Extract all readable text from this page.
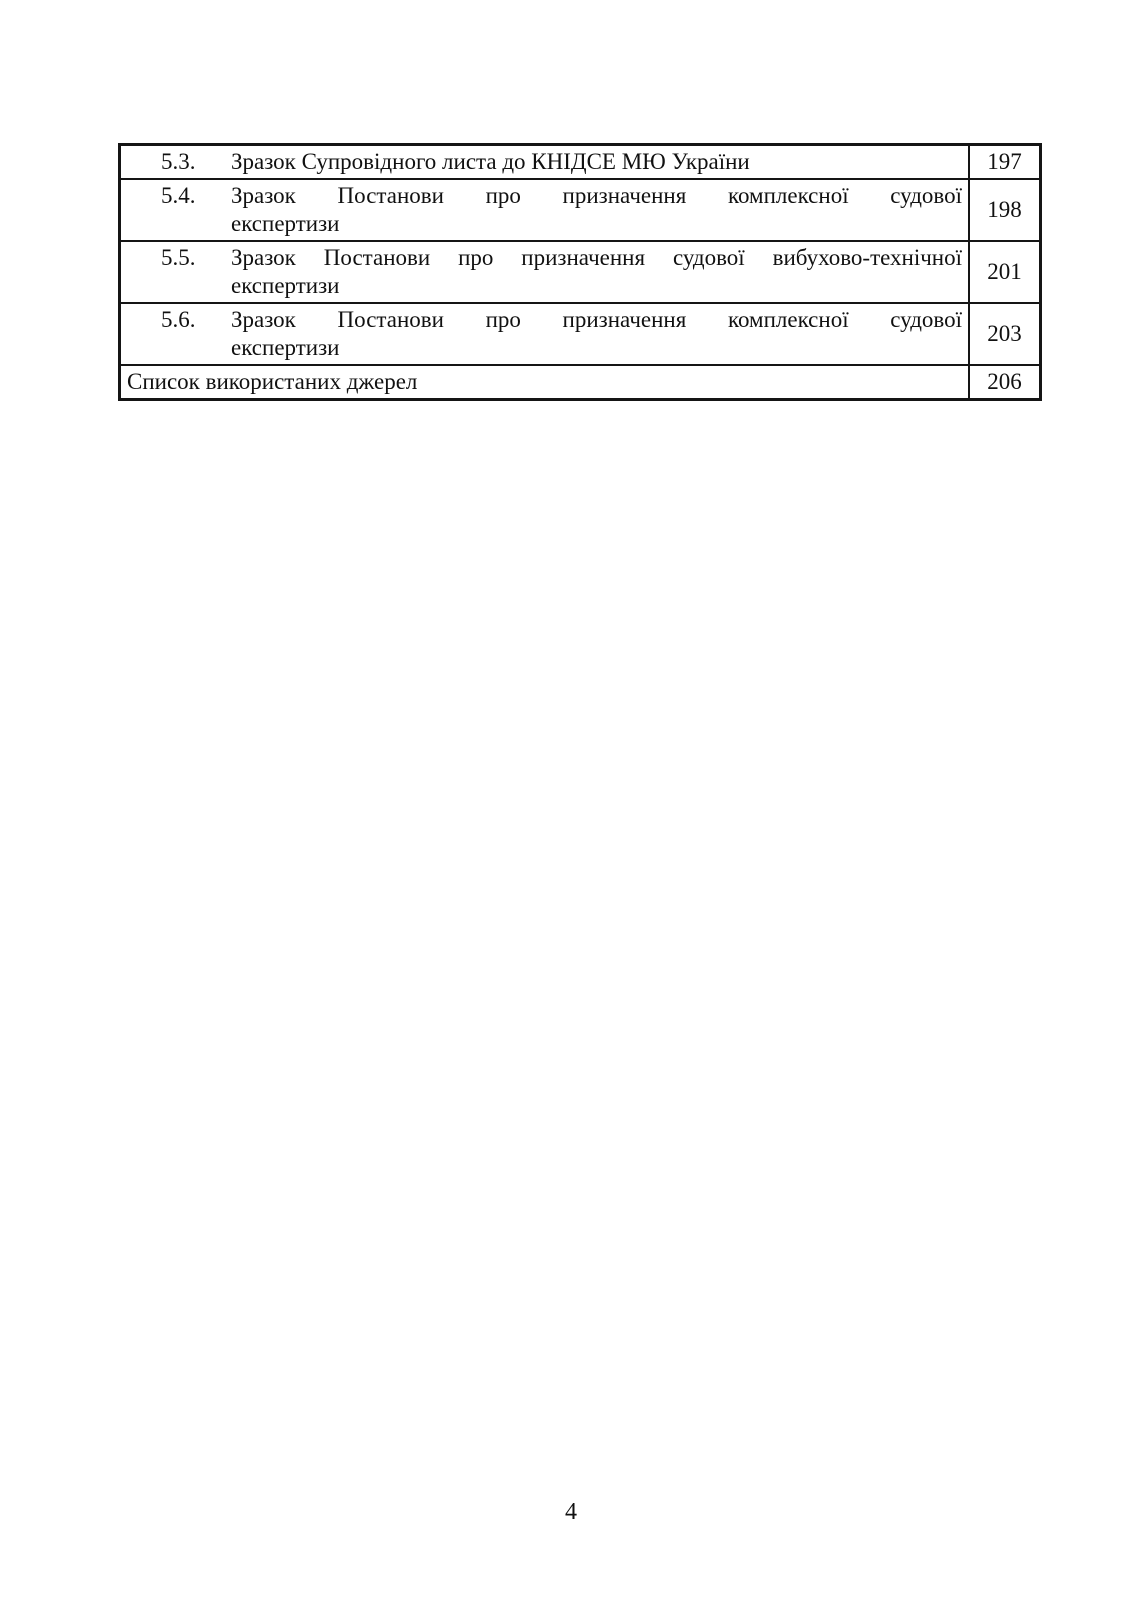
5.3. Зразок Супровідного листа до КНІДСЕ МЮ України	197

5.4. Зразок Постанови про призначення комплексної судової
експертизи	198

5.5. Зразок Постанови про призначення судової вибухово-технічної
експертизи	201

5.6. Зразок Постанови про призначення комплексної судової
експертизи	203

Список використаних джерел	206
4
